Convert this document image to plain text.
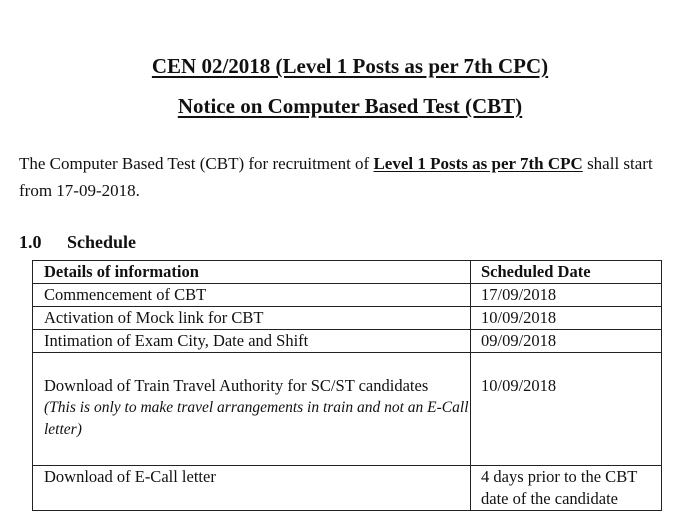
CEN 02/2018 (Level 1 Posts as per 7th CPC)
Notice on Computer Based Test (CBT)
The Computer Based Test (CBT) for recruitment of Level 1 Posts as per 7th CPC shall start from 17-09-2018.
1.0 Schedule
Details of information	Scheduled Date
Commencement of CBT	17/09/2018
Activation of Mock link for CBT	10/09/2018
Intimation of Exam City, Date and Shift	09/09/2018

Download of Train Travel Authority for SC/ST candidates
(This is only to make travel arrangements in train and not an E-Call letter)	10/09/2018
Download of E-Call letter	4 days prior to the CBT date of the candidate
